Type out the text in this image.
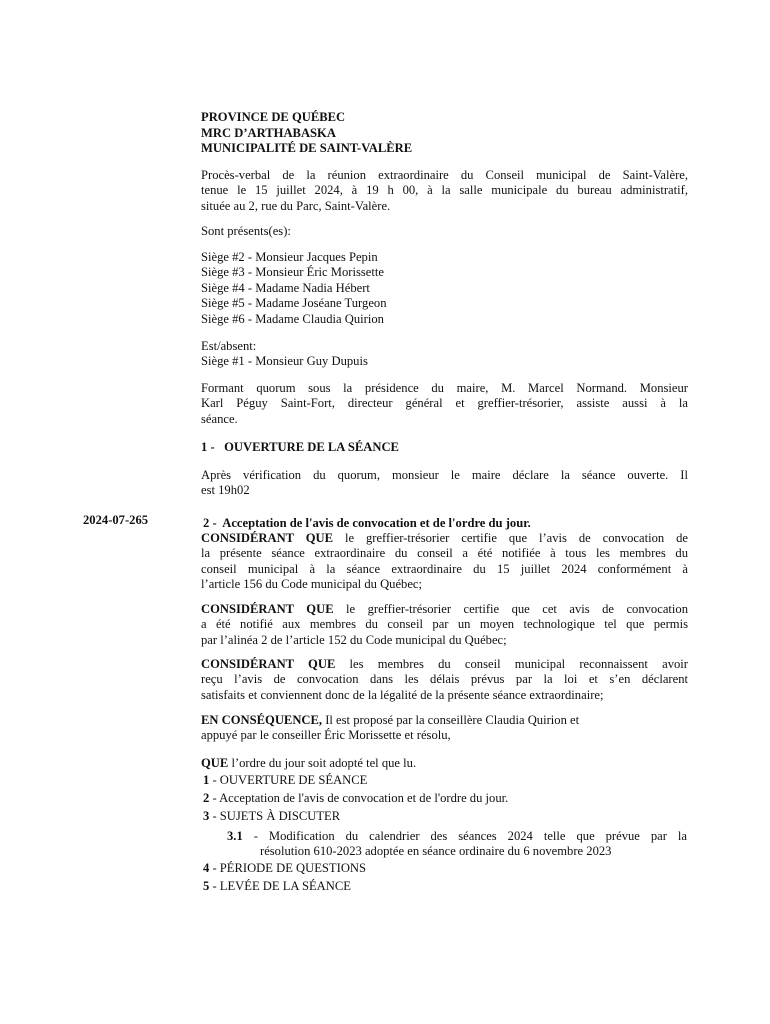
PROVINCE DE QUÉBEC
MRC D’ARTHABASKA
MUNICIPALITÉ DE SAINT-VALÈRE

Procès-verbal de la réunion extraordinaire du Conseil municipal de Saint-Valère,

tenue le 15 juillet 2024, à 19 h 00, à la salle municipale du bureau administratif,

située au 2, rue du Parc, Saint-Valère.

Sont présents(es):

Siège #2 - Monsieur Jacques Pepin

Siège #3 - Monsieur Éric Morissette

Siège #4 - Madame Nadia Hébert

Siège #5 - Madame Joséane Turgeon

Siège #6 - Madame Claudia Quirion

Est/absent:

Siège #1 - Monsieur Guy Dupuis

Formant quorum sous la présidence du maire, M. Marcel Normand. Monsieur

Karl Péguy Saint-Fort, directeur général et greffier-trésorier, assiste aussi à la

séance.

1 -   OUVERTURE DE LA SÉANCE

Après vérification du quorum, monsieur le maire déclare la séance ouverte. Il

est 19h02

2024-07-265	2 -  Acceptation de l'avis de convocation et de l'ordre du jour.

CONSIDÉRANT QUE le greffier-trésorier certifie que l’avis de convocation de

la présente séance extraordinaire du conseil a été notifiée à tous les membres du

conseil municipal à la séance extraordinaire du 15 juillet 2024 conformément à

l’article 156 du Code municipal du Québec;

CONSIDÉRANT QUE le greffier-trésorier certifie que cet avis de convocation

a été notifié aux membres du conseil par un moyen technologique tel que permis

par l’alinéa 2 de l’article 152 du Code municipal du Québec;

CONSIDÉRANT QUE les membres du conseil municipal reconnaissent avoir

reçu l’avis de convocation dans les délais prévus par la loi et s’en déclarent

satisfaits et conviennent donc de la légalité de la présente séance extraordinaire;

EN CONSÉQUENCE, Il est proposé par la conseillère Claudia Quirion et

appuyé par le conseiller Éric Morissette et résolu,

QUE l’ordre du jour soit adopté tel que lu.

1 - OUVERTURE DE SÉANCE
2 - Acceptation de l'avis de convocation et de l'ordre du jour.
3 - SUJETS À DISCUTER
3.1 - Modification du calendrier des séances 2024 telle que prévue par la
résolution 610-2023 adoptée en séance ordinaire du 6 novembre 2023
4 - PÉRIODE DE QUESTIONS
5 - LEVÉE DE LA SÉANCE
